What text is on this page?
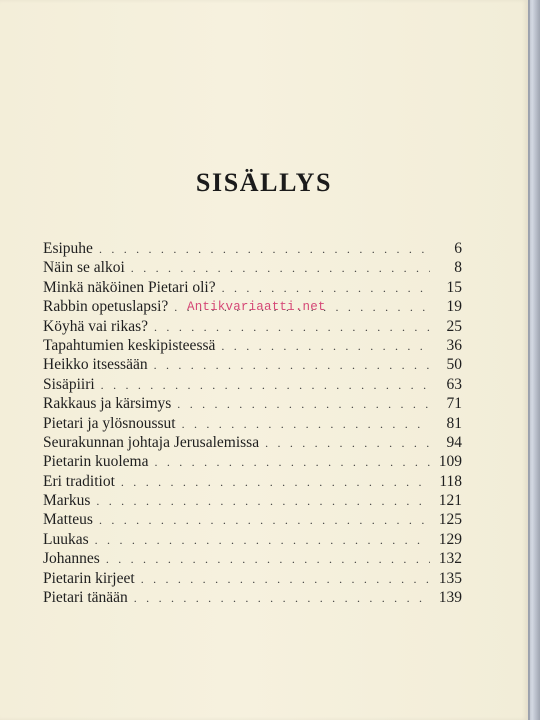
SISÄLLYS
Esipuhe . . .	6
Näin se alkoi . . .	8
Minkä näköinen Pietari oli? . . .	15
Rabbin opetuslapsi? . . .	19
Köyhä vai rikas? . . .	25
Tapahtumien keskipisteessä . . .	36
Heikko itsessään . . .	50
Sisäpiiri . . .	63
Rakkaus ja kärsimys . . .	71
Pietari ja ylösnoussut . . .	81
Seurakunnan johtaja Jerusalemissa . . .	94
Pietarin kuolema . . .	109
Eri traditiot . . .	118
Markus . . .	121
Matteus . . .	125
Luukas . . .	129
Johannes . . .	132
Pietarin kirjeet . . .	135
Pietari tänään . . .	139
Antikvariaatti.net
